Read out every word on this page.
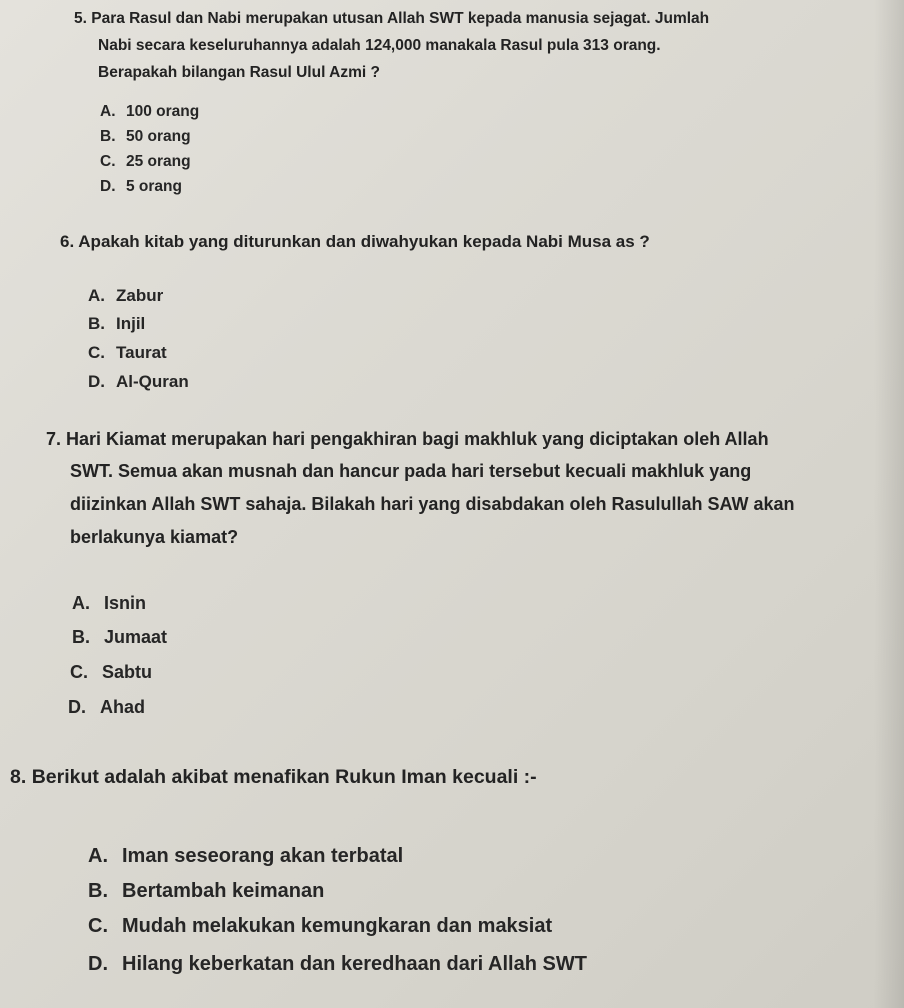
5. Para Rasul dan Nabi merupakan utusan Allah SWT kepada manusia sejagat. Jumlah
Nabi secara keseluruhannya adalah 124,000 manakala Rasul pula 313 orang.
Berapakah bilangan Rasul Ulul Azmi ?
A. 100 orang
B. 50 orang
C. 25 orang
D. 5 orang
6. Apakah kitab yang diturunkan dan diwahyukan kepada Nabi Musa as ?
A. Zabur
B. Injil
C. Taurat
D. Al-Quran
7. Hari Kiamat merupakan hari pengakhiran bagi makhluk yang diciptakan oleh Allah
SWT. Semua akan musnah dan hancur pada hari tersebut kecuali makhluk yang
diizinkan Allah SWT sahaja. Bilakah hari yang disabdakan oleh Rasulullah SAW akan
berlakunya kiamat?
A. Isnin
B. Jumaat
C. Sabtu
D. Ahad
8. Berikut adalah akibat menafikan Rukun Iman kecuali :-
A. Iman seseorang akan terbatal
B. Bertambah keimanan
C. Mudah melakukan kemungkaran dan maksiat
D. Hilang keberkatan dan keredhaan dari Allah SWT
